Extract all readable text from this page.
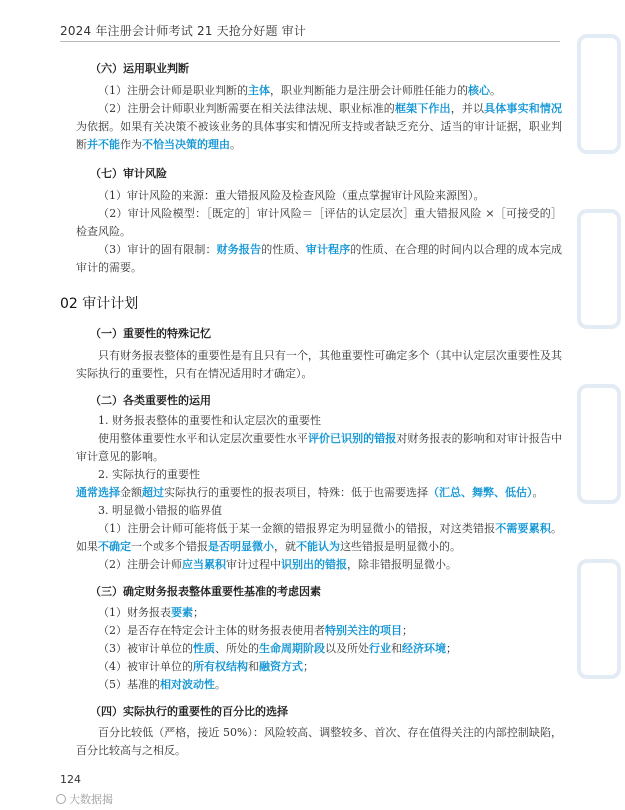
2024 年注册会计师考试 21 天抢分好题 审计
（六）运用职业判断

（1）注册会计师是职业判断的主体，职业判断能力是注册会计师胜任能力的核心。

（2）注册会计师职业判断需要在相关法律法规、职业标准的框架下作出，并以具体事实和情况为依据。如果有关决策不被该业务的具体事实和情况所支持或者缺乏充分、适当的审计证据，职业判断并不能作为不恰当决策的理由。

（七）审计风险

（1）审计风险的来源：重大错报风险及检查风险（重点掌握审计风险来源图）。

（2）审计风险模型：［既定的］审计风险＝［评估的认定层次］重大错报风险 ×［可接受的］检查风险。

（3）审计的固有限制：财务报告的性质、审计程序的性质、在合理的时间内以合理的成本完成审计的需要。

02 审计计划
（一）重要性的特殊记忆

只有财务报表整体的重要性是有且只有一个，其他重要性可确定多个（其中认定层次重要性及其实际执行的重要性，只有在情况适用时才确定）。

（二）各类重要性的运用

1. 财务报表整体的重要性和认定层次的重要性

使用整体重要性水平和认定层次重要性水平评价已识别的错报对财务报表的影响和对审计报告中审计意见的影响。

2. 实际执行的重要性

通常选择金额超过实际执行的重要性的报表项目，特殊：低于也需要选择（汇总、舞弊、低估）。

3. 明显微小错报的临界值

（1）注册会计师可能将低于某一金额的错报界定为明显微小的错报，对这类错报不需要累积。如果不确定一个或多个错报是否明显微小，就不能认为这些错报是明显微小的。

（2）注册会计师应当累积审计过程中识别出的错报，除非错报明显微小。

（三）确定财务报表整体重要性基准的考虑因素

（1）财务报表要素；

（2）是否存在特定会计主体的财务报表使用者特别关注的项目；

（3）被审计单位的性质、所处的生命周期阶段以及所处行业和经济环境；

（4）被审计单位的所有权结构和融资方式；

（5）基准的相对波动性。

（四）实际执行的重要性的百分比的选择

百分比较低（严格，接近 50%）：风险较高、调整较多、首次、存在值得关注的内部控制缺陷，百分比较高与之相反。

124
大数据揭
